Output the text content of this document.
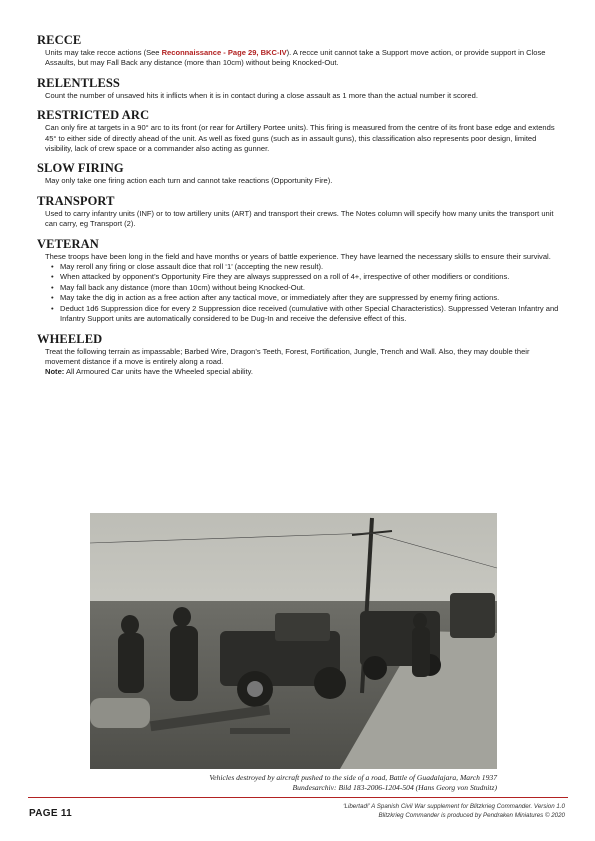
RECCE

Units may take recce actions (See Reconnaissance - Page 29, BKC-IV). A recce unit cannot take a Support move action, or provide support in Close Assaults, but may Fall Back any distance (more than 10cm) without being Knocked-Out.

RELENTLESS

Count the number of unsaved hits it inflicts when it is in contact during a close assault as 1 more than the actual number it scored.

RESTRICTED ARC

Can only fire at targets in a 90° arc to its front (or rear for Artillery Portee units). This firing is measured from the centre of its front base edge and extends 45° to either side of directly ahead of the unit. As well as fixed guns (such as in assault guns), this classification also represents poor design, limited visibility, lack of crew space or a commander also acting as gunner.

SLOW FIRING

May only take one firing action each turn and cannot take reactions (Opportunity Fire).

TRANSPORT

Used to carry infantry units (INF) or to tow artillery units (ART) and transport their crews. The Notes column will specify how many units the transport unit can carry, eg Transport (2).

VETERAN

These troops have been long in the field and have months or years of battle experience. They have learned the necessary skills to ensure their survival.

• May reroll any firing or close assault dice that roll ‘1’ (accepting the new result).
• When attacked by opponent’s Opportunity Fire they are always suppressed on a roll of 4+, irrespective of other modifiers or conditions.
• May fall back any distance (more than 10cm) without being Knocked-Out.
• May take the dig in action as a free action after any tactical move, or immediately after they are suppressed by enemy firing actions.
• Deduct 1d6 Suppression dice for every 2 Suppression dice received (cumulative with other Special Characteristics). Suppressed Veteran Infantry and Infantry Support units are automatically considered to be Dug-In and receive the defensive effect of this.
WHEELED

Treat the following terrain as impassable; Barbed Wire, Dragon’s Teeth, Forest, Fortification, Jungle, Trench and Wall. Also, they may double their movement distance if a move is entirely along a road.

Note: All Armoured Car units have the Wheeled special ability.

Vehicles destroyed by aircraft pushed to the side of a road, Battle of Guadalajara, March 1937
Bundesarchiv: Bild 183-2006-1204-504 (Hans Georg von Studnitz)
PAGE 11
‘Libertad!’ A Spanish Civil War supplement for Blitzkrieg Commander. Version 1.0
Blitzkrieg Commander is produced by Pendraken Miniatures © 2020
